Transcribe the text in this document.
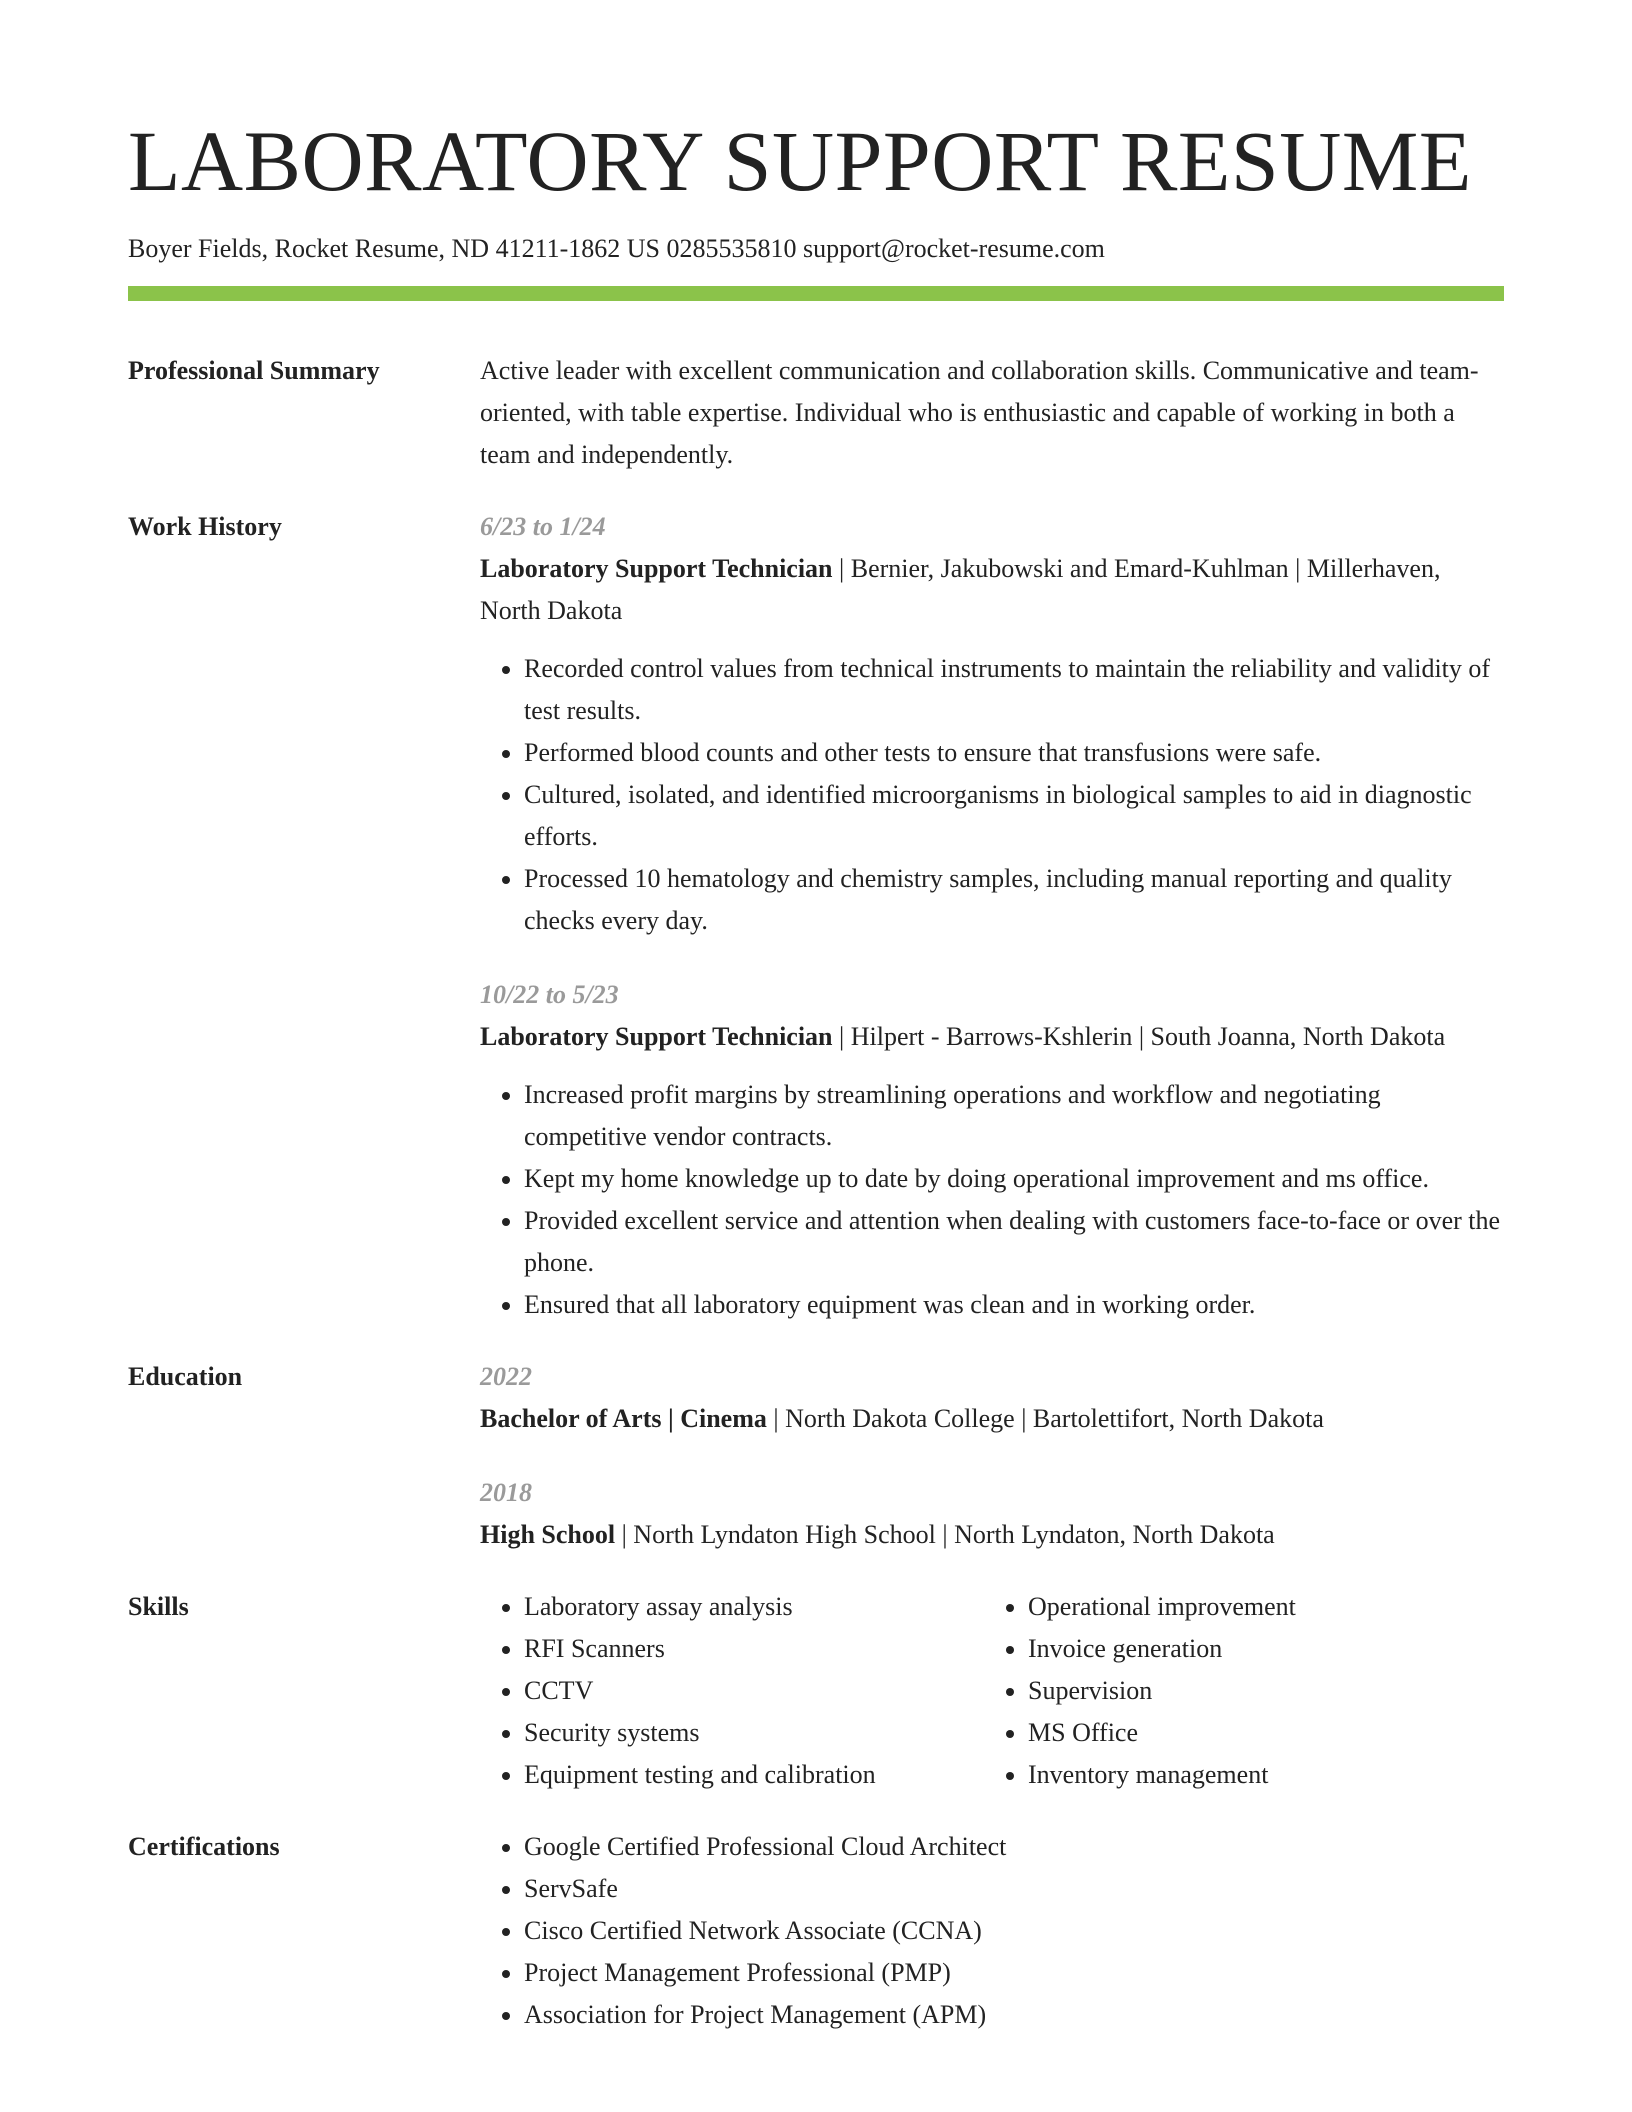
LABORATORY SUPPORT RESUME
Boyer Fields, Rocket Resume, ND 41211-1862 US 0285535810 support@rocket-resume.com
Professional Summary	Active leader with excellent communication and collaboration skills. Communicative and team-oriented, with table expertise. Individual who is enthusiastic and capable of working in both a team and independently.

Work History	6/23 to 1/24
Laboratory Support Technician | Bernier, Jakubowski and Emard-Kuhlman | Millerhaven, North Dakota
• Recorded control values from technical instruments to maintain the reliability and validity of test results.
• Performed blood counts and other tests to ensure that transfusions were safe.
• Cultured, isolated, and identified microorganisms in biological samples to aid in diagnostic efforts.
• Processed 10 hematology and chemistry samples, including manual reporting and quality checks every day.
10/22 to 5/23
Laboratory Support Technician | Hilpert - Barrows-Kshlerin | South Joanna, North Dakota
• Increased profit margins by streamlining operations and workflow and negotiating competitive vendor contracts.
• Kept my home knowledge up to date by doing operational improvement and ms office.
• Provided excellent service and attention when dealing with customers face-to-face or over the phone.
• Ensured that all laboratory equipment was clean and in working order.
Education	2022
Bachelor of Arts | Cinema | North Dakota College | Bartolettifort, North Dakota
2018
High School | North Lyndaton High School | North Lyndaton, North Dakota
Skills	• Laboratory assay analysis
• RFI Scanners
• CCTV
• Security systems
• Equipment testing and calibration
• Operational improvement
• Invoice generation
• Supervision
• MS Office
• Inventory management
Certifications	• Google Certified Professional Cloud Architect
• ServSafe
• Cisco Certified Network Associate (CCNA)
• Project Management Professional (PMP)
• Association for Project Management (APM)
